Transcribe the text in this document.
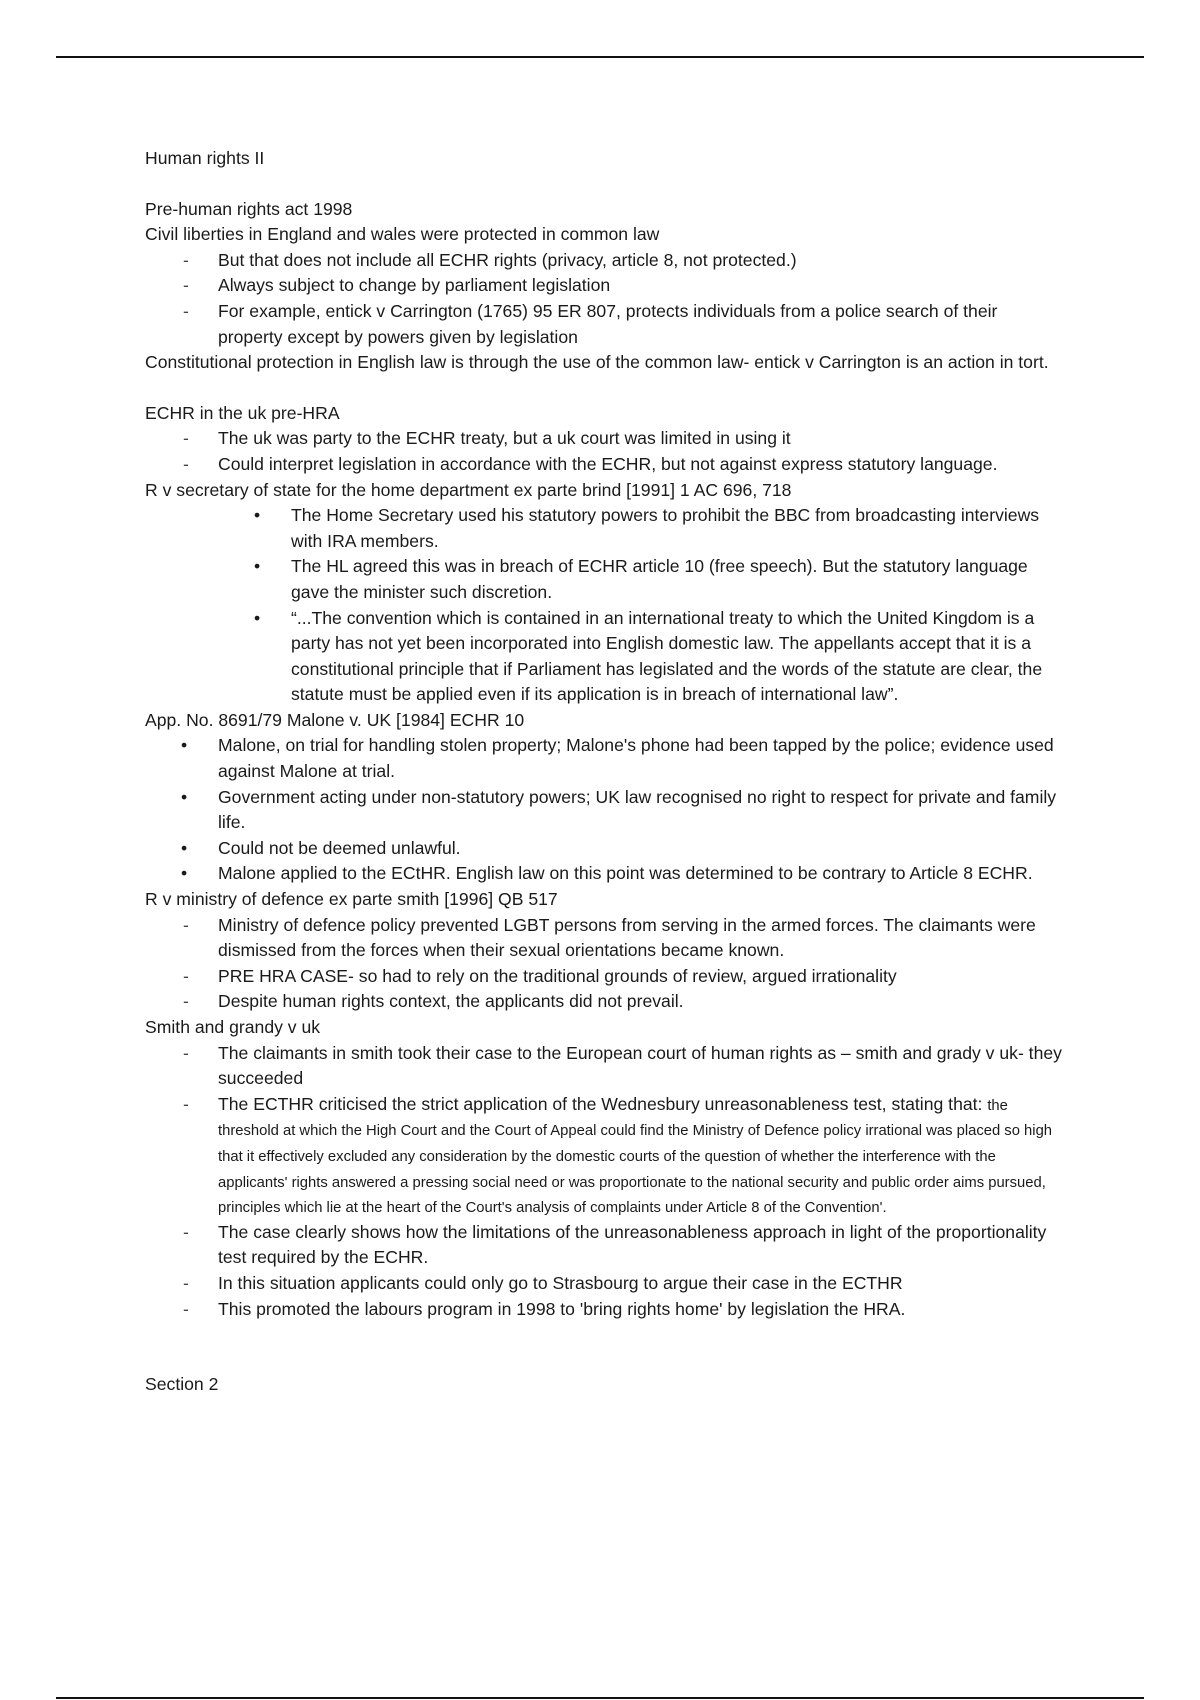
Human rights II
Pre-human rights act 1998
Civil liberties in England and wales were protected in common law
- But that does not include all ECHR rights (privacy, article 8, not protected.)
- Always subject to change by parliament legislation
- For example, entick v Carrington (1765) 95 ER 807, protects individuals from a police search of their property except by powers given by legislation
Constitutional protection in English law is through the use of the common law- entick v Carrington is an action in tort.
ECHR in the uk pre-HRA
- The uk was party to the ECHR treaty, but a uk court was limited in using it
- Could interpret legislation in accordance with the ECHR, but not against express statutory language.
R v secretary of state for the home department ex parte brind [1991] 1 AC 696, 718
• The Home Secretary used his statutory powers to prohibit the BBC from broadcasting interviews with IRA members.
• The HL agreed this was in breach of ECHR article 10 (free speech). But the statutory language gave the minister such discretion.
• “...The convention which is contained in an international treaty to which the United Kingdom is a party has not yet been incorporated into English domestic law. The appellants accept that it is a constitutional principle that if Parliament has legislated and the words of the statute are clear, the statute must be applied even if its application is in breach of international law”.
App. No. 8691/79 Malone v. UK [1984] ECHR 10
• Malone, on trial for handling stolen property; Malone's phone had been tapped by the police; evidence used against Malone at trial.
• Government acting under non-statutory powers; UK law recognised no right to respect for private and family life.
• Could not be deemed unlawful.
• Malone applied to the ECtHR. English law on this point was determined to be contrary to Article 8 ECHR.
R v ministry of defence ex parte smith [1996] QB 517
- Ministry of defence policy prevented LGBT persons from serving in the armed forces. The claimants were dismissed from the forces when their sexual orientations became known.
- PRE HRA CASE- so had to rely on the traditional grounds of review, argued irrationality
- Despite human rights context, the applicants did not prevail.
Smith and grandy v uk
- The claimants in smith took their case to the European court of human rights as – smith and grady v uk- they succeeded
- The ECTHR criticised the strict application of the Wednesbury unreasonableness test, stating that: the threshold at which the High Court and the Court of Appeal could find the Ministry of Defence policy irrational was placed so high that it effectively excluded any consideration by the domestic courts of the question of whether the interference with the applicants' rights answered a pressing social need or was proportionate to the national security and public order aims pursued, principles which lie at the heart of the Court's analysis of complaints under Article 8 of the Convention'.
- The case clearly shows how the limitations of the unreasonableness approach in light of the proportionality test required by the ECHR.
- In this situation applicants could only go to Strasbourg to argue their case in the ECTHR
- This promoted the labours program in 1998 to 'bring rights home' by legislation the HRA.
Section 2
